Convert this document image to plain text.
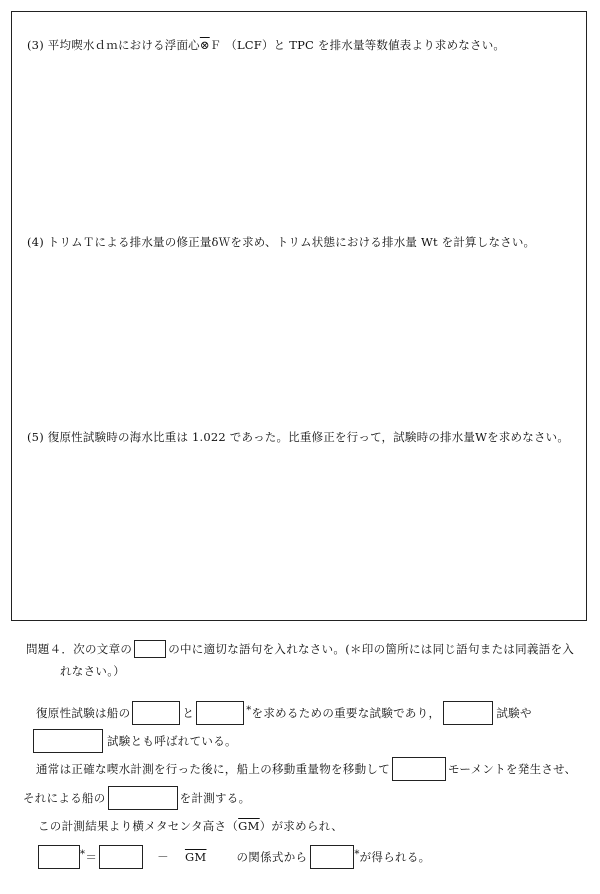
(3) 平均喫水ｄｍにおける浮面心⊗Ｆ （LCF）と TPC を排水量等数値表より求めなさい。
(4) トリムＴによる排水量の修正量δＷを求め、トリム状態における排水量 Wt を計算しなさい。
(5) 復原性試験時の海水比重は 1.022 であった。比重修正を行って，試験時の排水量Wを求めなさい。
問題４．次の文章の	の中に適切な語句を入れなさい。(＊印の箇所には同じ語句または同義語を入
れなさい。）
復原性試験は船の	と	* を求めるための重要な試験であり，	試験や
試験とも呼ばれている。
通常は正確な喫水計測を行った後に，船上の移動重量物を移動して	モーメントを発生させ、
それによる船の	を計測する。
この計測結果より横メタセンタ高さ（ $\overline{GM}$ ）が求められ、
* ＝	－ $\overline{GM}$	の関係式から	* が得られる。
